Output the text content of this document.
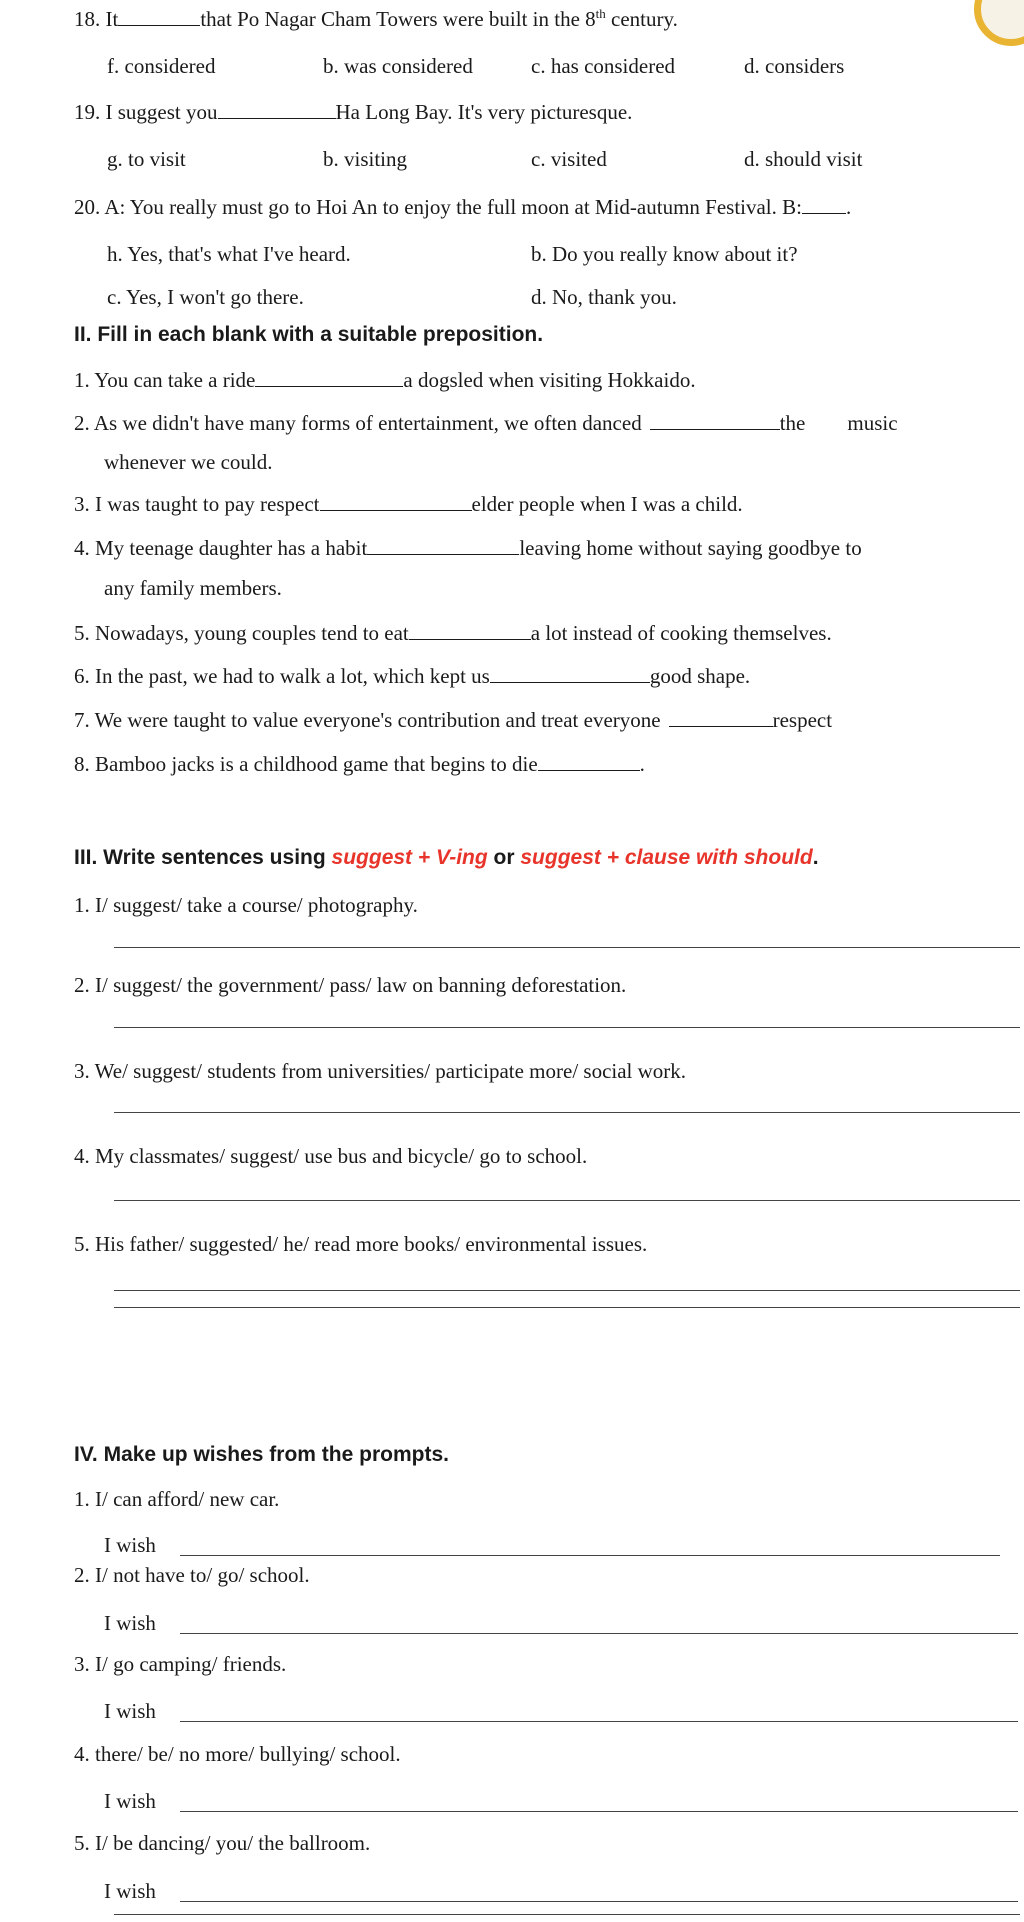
18. It	that Po Nagar Cham Towers were built in the 8th century.
f. considered	b. was considered	c. has considered	d. considers
19. I suggest you	Ha Long Bay. It's very picturesque.
g. to visit	b. visiting	c. visited	d. should visit
20. A: You really must go to Hoi An to enjoy the full moon at Mid-autumn Festival. B: .
h. Yes, that's what I've heard.	b. Do you really know about it?
c. Yes, I won't go there.	d. No, thank you.
II. Fill in each blank with a suitable preposition.
1. You can take a ride	a dogsled when visiting Hokkaido.
2. As we didn't have many forms of entertainment, we often danced	the music
whenever we could.
3. I was taught to pay respect	elder people when I was a child.
4. My teenage daughter has a habit	leaving home without saying goodbye to
any family members.
5. Nowadays, young couples tend to eat	a lot instead of cooking themselves.
6. In the past, we had to walk a lot, which kept us	good shape.
7. We were taught to value everyone's contribution and treat everyone	respect
8. Bamboo jacks is a childhood game that begins to die	.
III. Write sentences using suggest + V-ing or suggest + clause with should.
1. I/ suggest/ take a course/ photography.
2. I/ suggest/ the government/ pass/ law on banning deforestation.
3. We/ suggest/ students from universities/ participate more/ social work.
4. My classmates/ suggest/ use bus and bicycle/ go to school.
5. His father/ suggested/ he/ read more books/ environmental issues.
IV. Make up wishes from the prompts.
1. I/ can afford/ new car.
I wish
2. I/ not have to/ go/ school.
I wish
3. I/ go camping/ friends.
I wish
4. there/ be/ no more/ bullying/ school.
I wish
5. I/ be dancing/ you/ the ballroom.
I wish
